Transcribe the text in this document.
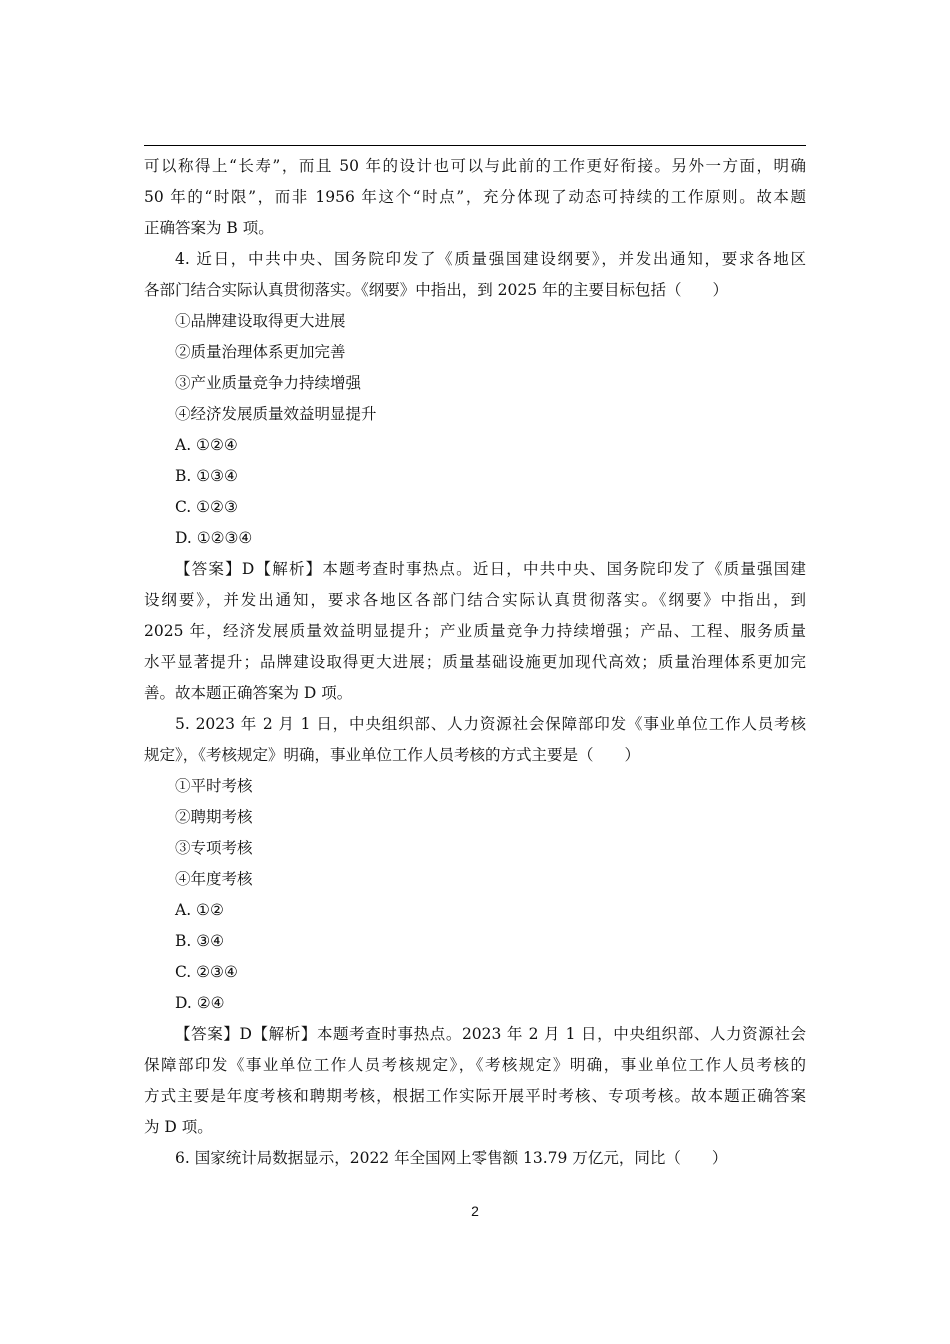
可以称得上“长寿”，而且 50 年的设计也可以与此前的工作更好衔接。另外一方面，明确

50 年的“时限”，而非 1956 年这个“时点”，充分体现了动态可持续的工作原则。故本题

正确答案为 B 项。

4. 近日，中共中央、国务院印发了《质量强国建设纲要》，并发出通知，要求各地区

各部门结合实际认真贯彻落实。《纲要》中指出，到 2025 年的主要目标包括（　　）

①品牌建设取得更大进展

②质量治理体系更加完善

③产业质量竞争力持续增强

④经济发展质量效益明显提升

A. ①②④

B. ①③④

C. ①②③

D. ①②③④

【答案】D【解析】本题考查时事热点。近日，中共中央、国务院印发了《质量强国建

设纲要》，并发出通知，要求各地区各部门结合实际认真贯彻落实。《纲要》中指出，到

2025 年，经济发展质量效益明显提升；产业质量竞争力持续增强；产品、工程、服务质量

水平显著提升；品牌建设取得更大进展；质量基础设施更加现代高效；质量治理体系更加完

善。故本题正确答案为 D 项。

5. 2023 年 2 月 1 日，中央组织部、人力资源社会保障部印发《事业单位工作人员考核

规定》，《考核规定》明确，事业单位工作人员考核的方式主要是（　　）

①平时考核

②聘期考核

③专项考核

④年度考核

A. ①②

B. ③④

C. ②③④

D. ②④

【答案】D【解析】本题考查时事热点。2023 年 2 月 1 日，中央组织部、人力资源社会

保障部印发《事业单位工作人员考核规定》，《考核规定》明确，事业单位工作人员考核的

方式主要是年度考核和聘期考核，根据工作实际开展平时考核、专项考核。故本题正确答案

为 D 项。

6. 国家统计局数据显示，2022 年全国网上零售额 13.79 万亿元，同比（　　）

2
